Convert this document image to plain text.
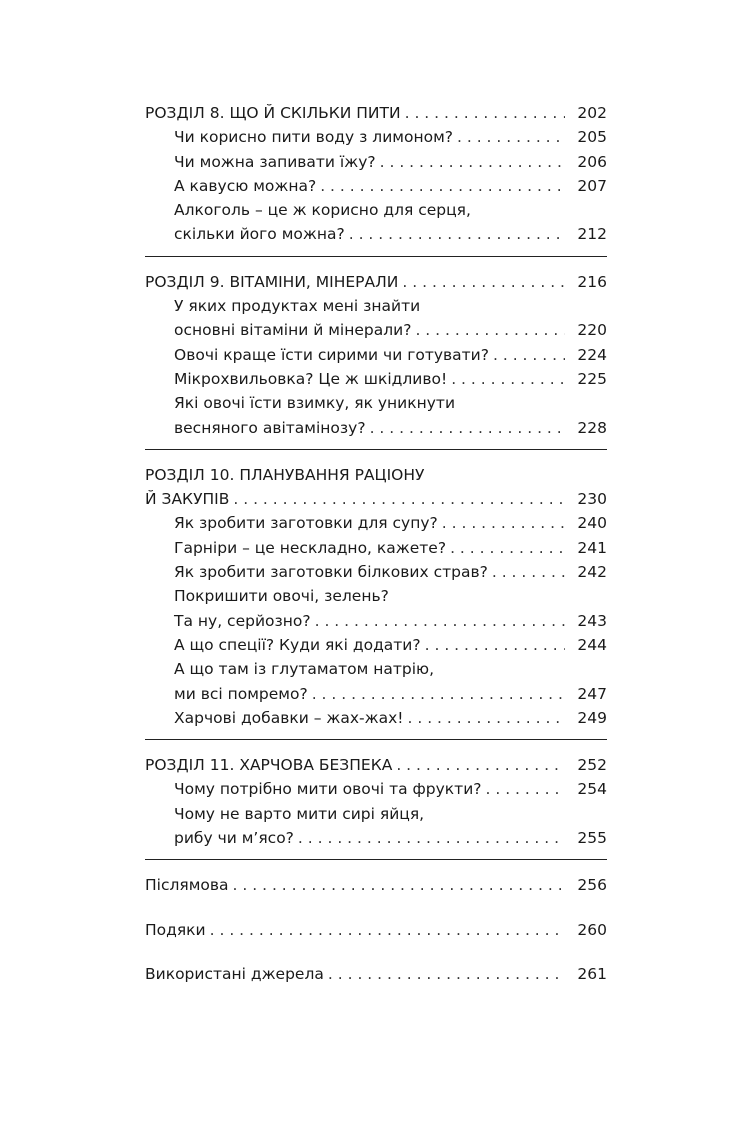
РОЗДІЛ 8. ЩО Й СКІЛЬКИ ПИТИ . . .	202
Чи корисно пити воду з лимоном? . . .	205
Чи можна запивати їжу? . . .	206
А кавусю можна? . . .	207
Алкоголь – це ж корисно для серця,
скільки його можна? . . .	212
РОЗДІЛ 9. ВІТАМІНИ, МІНЕРАЛИ . . .	216
У яких продуктах мені знайти
основні вітаміни й мінерали? . . .	220
Овочі краще їсти сирими чи готувати? . . .	224
Мікрохвильовка? Це ж шкідливо! . . .	225
Які овочі їсти взимку, як уникнути
весняного авітамінозу? . . .	228
РОЗДІЛ 10. ПЛАНУВАННЯ РАЦІОНУ
Й ЗАКУПІВ . . .	230
Як зробити заготовки для супу? . . .	240
Гарніри – це нескладно, кажете? . . .	241
Як зробити заготовки білкових страв? . . .	242
Покришити овочі, зелень?
Та ну, серйозно? . . .	243
А що спеції? Куди які додати? . . .	244
А що там із глутаматом натрію,
ми всі помремо? . . .	247
Харчові добавки – жах-жах! . . .	249
РОЗДІЛ 11. ХАРЧОВА БЕЗПЕКА . . .	252
Чому потрібно мити овочі та фрукти? . . .	254
Чому не варто мити сирі яйця,
рибу чи м’ясо? . . .	255
Післямова . . .	256
Подяки . . .	260
Використані джерела . . .	261
